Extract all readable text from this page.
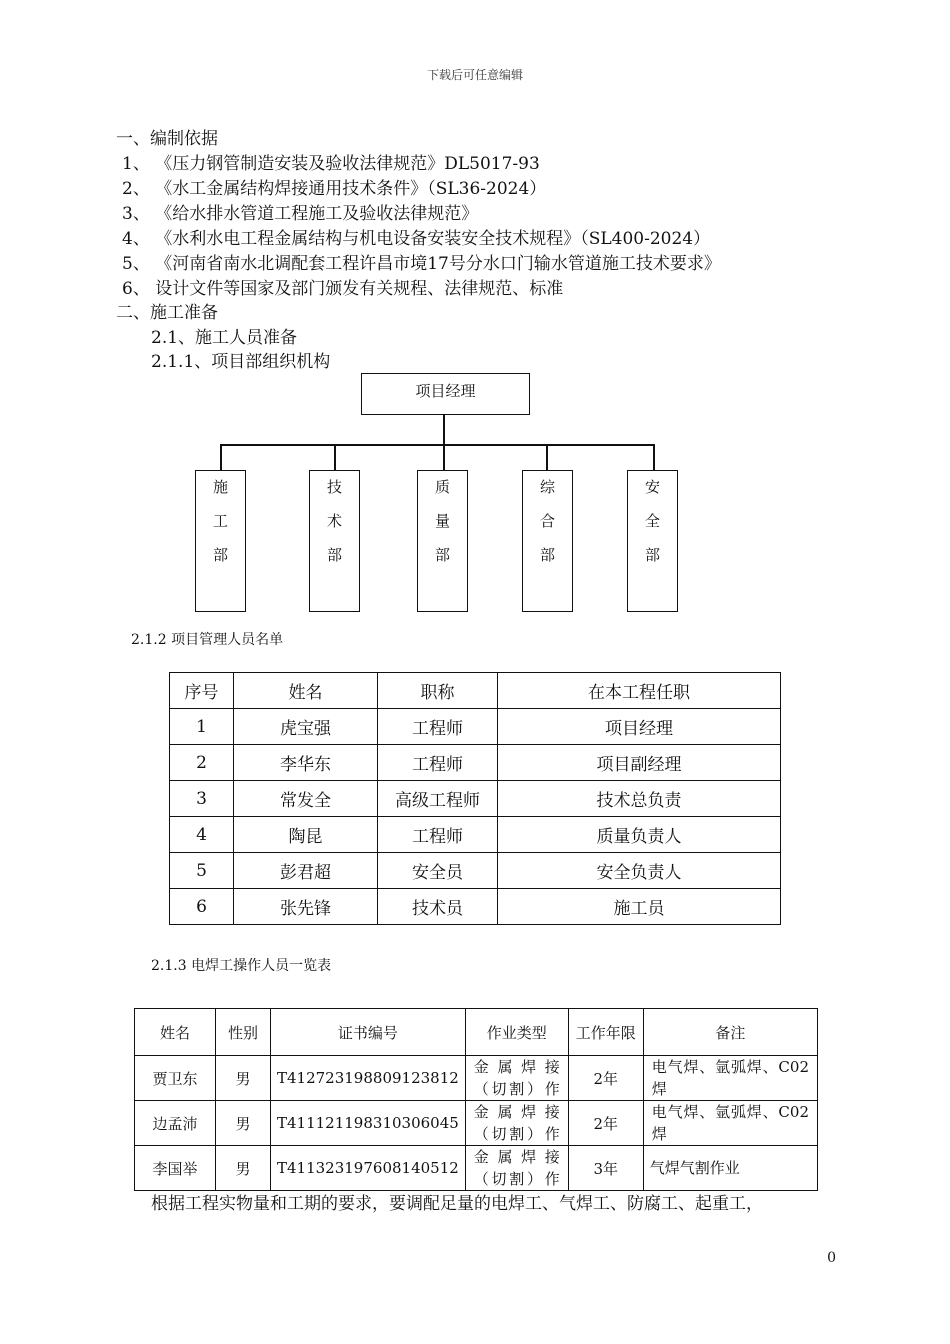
下载后可任意编辑
一、编制依据
1、 《压力钢管制造安装及验收法律规范》DL5017-93
2、 《水工金属结构焊接通用技术条件》（SL36-2024）
3、 《给水排水管道工程施工及验收法律规范》
4、 《水利水电工程金属结构与机电设备安装安全技术规程》（SL400-2024）
5、 《河南省南水北调配套工程许昌市境17号分水口门输水管道施工技术要求》
6、 设计文件等国家及部门颁发有关规程、法律规范、标准
二、施工准备
2.1、施工人员准备
2.1.1、项目部组织机构
项目经理
施
工
部
技
术
部
质
量
部
综
合
部
安
全
部
2.1.2 项目管理人员名单
序号	姓名	职称	在本工程任职
1	虎宝强	工程师	项目经理
2	李华东	工程师	项目副经理
3	常发全	高级工程师	技术总负责
4	陶昆	工程师	质量负责人
5	彭君超	安全员	安全负责人
6	张先锋	技术员	施工员
2.1.3 电焊工操作人员一览表
姓名	性别	证书编号	作业类型	工作年限	备注
贾卫东	男	T412723198809123812	金属焊接（切割）作	2年	电气焊、氩弧焊、C02焊
边孟沛	男	T411121198310306045	金属焊接（切割）作	2年	电气焊、氩弧焊、C02焊
李国举	男	T411323197608140512	金属焊接（切割）作	3年	气焊气割作业
根据工程实物量和工期的要求，要调配足量的电焊工、气焊工、防腐工、起重工，
0
